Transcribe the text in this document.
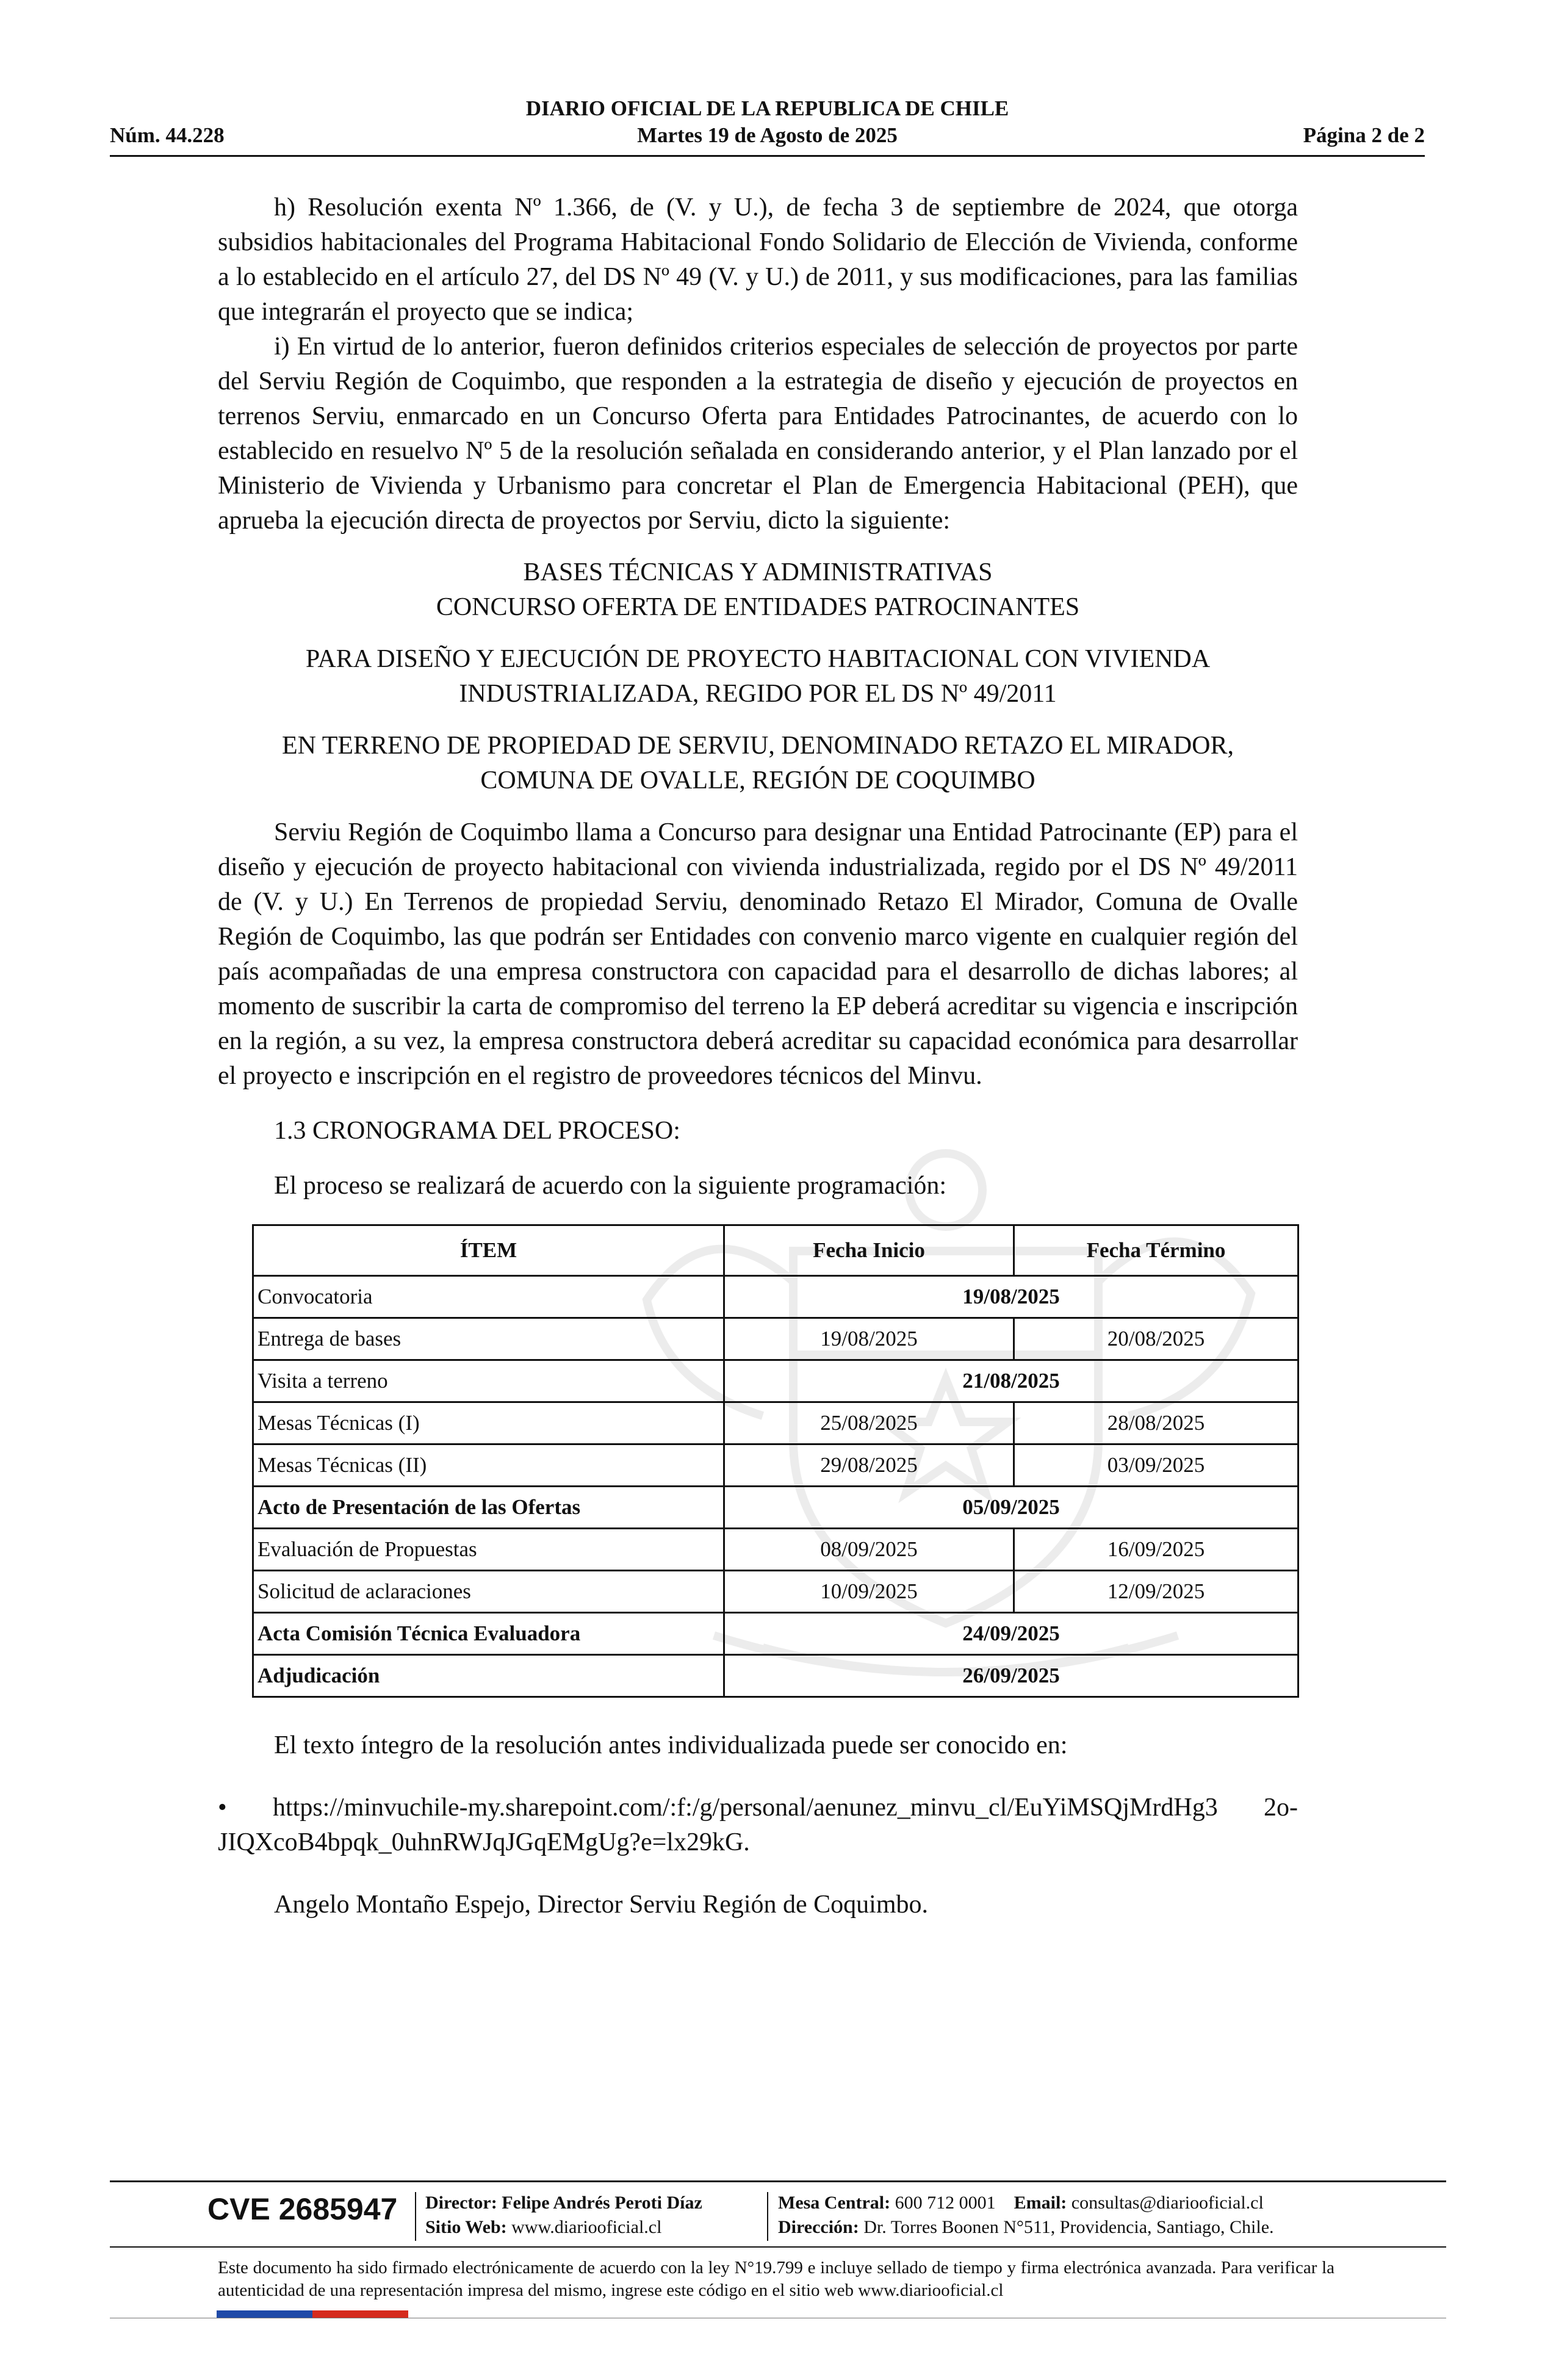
DIARIO OFICIAL DE LA REPUBLICA DE CHILE
Núm. 44.228	Martes 19 de Agosto de 2025	Página 2 de 2

h) Resolución exenta Nº 1.366, de (V. y U.), de fecha 3 de septiembre de 2024, que otorga subsidios habitacionales del Programa Habitacional Fondo Solidario de Elección de Vivienda, conforme a lo establecido en el artículo 27, del DS Nº 49 (V. y U.) de 2011, y sus modificaciones, para las familias que integrarán el proyecto que se indica;

i) En virtud de lo anterior, fueron definidos criterios especiales de selección de proyectos por parte del Serviu Región de Coquimbo, que responden a la estrategia de diseño y ejecución de proyectos en terrenos Serviu, enmarcado en un Concurso Oferta para Entidades Patrocinantes, de acuerdo con lo establecido en resuelvo Nº 5 de la resolución señalada en considerando anterior, y el Plan lanzado por el Ministerio de Vivienda y Urbanismo para concretar el Plan de Emergencia Habitacional (PEH), que aprueba la ejecución directa de proyectos por Serviu, dicto la siguiente:

BASES TÉCNICAS Y ADMINISTRATIVAS

CONCURSO OFERTA DE ENTIDADES PATROCINANTES

PARA DISEÑO Y EJECUCIÓN DE PROYECTO HABITACIONAL CON VIVIENDA

INDUSTRIALIZADA, REGIDO POR EL DS Nº 49/2011

EN TERRENO DE PROPIEDAD DE SERVIU, DENOMINADO RETAZO EL MIRADOR,

COMUNA DE OVALLE, REGIÓN DE COQUIMBO

Serviu Región de Coquimbo llama a Concurso para designar una Entidad Patrocinante (EP) para el diseño y ejecución de proyecto habitacional con vivienda industrializada, regido por el DS Nº 49/2011 de (V. y U.) En Terrenos de propiedad Serviu, denominado Retazo El Mirador, Comuna de Ovalle Región de Coquimbo, las que podrán ser Entidades con convenio marco vigente en cualquier región del país acompañadas de una empresa constructora con capacidad para el desarrollo de dichas labores; al momento de suscribir la carta de compromiso del terreno la EP deberá acreditar su vigencia e inscripción en la región, a su vez, la empresa constructora deberá acreditar su capacidad económica para desarrollar el proyecto e inscripción en el registro de proveedores técnicos del Minvu.

1.3 CRONOGRAMA DEL PROCESO:

El proceso se realizará de acuerdo con la siguiente programación:

ÍTEM	Fecha Inicio	Fecha Término
Convocatoria	19/08/2025	
Entrega de bases	19/08/2025	20/08/2025
Visita a terreno	21/08/2025	
Mesas Técnicas (I)	25/08/2025	28/08/2025
Mesas Técnicas (II)	29/08/2025	03/09/2025
Acto de Presentación de las Ofertas	05/09/2025	
Evaluación de Propuestas	08/09/2025	16/09/2025
Solicitud de aclaraciones	10/09/2025	12/09/2025
Acta Comisión Técnica Evaluadora	24/09/2025	
Adjudicación	26/09/2025	

El texto íntegro de la resolución antes individualizada puede ser conocido en:

• https://minvuchile-my.sharepoint.com/:f:/g/personal/aenunez_minvu_cl/EuYiMSQjMrdHg3 2o-JIQXcoB4bpqk_0uhnRWJqJGqEMgUg?e=lx29kG.

Angelo Montaño Espejo, Director Serviu Región de Coquimbo.

CVE 2685947 Director: Felipe Andrés Peroti Díaz
Sitio Web: www.diariooficial.cl
Mesa Central: 600 712 0001 Email: consultas@diariooficial.cl
Dirección: Dr. Torres Boonen N°511, Providencia, Santiago, Chile.
Este documento ha sido firmado electrónicamente de acuerdo con la ley N°19.799 e incluye sellado de tiempo y firma electrónica avanzada. Para verificar la autenticidad de una representación impresa del mismo, ingrese este código en el sitio web www.diariooficial.cl
